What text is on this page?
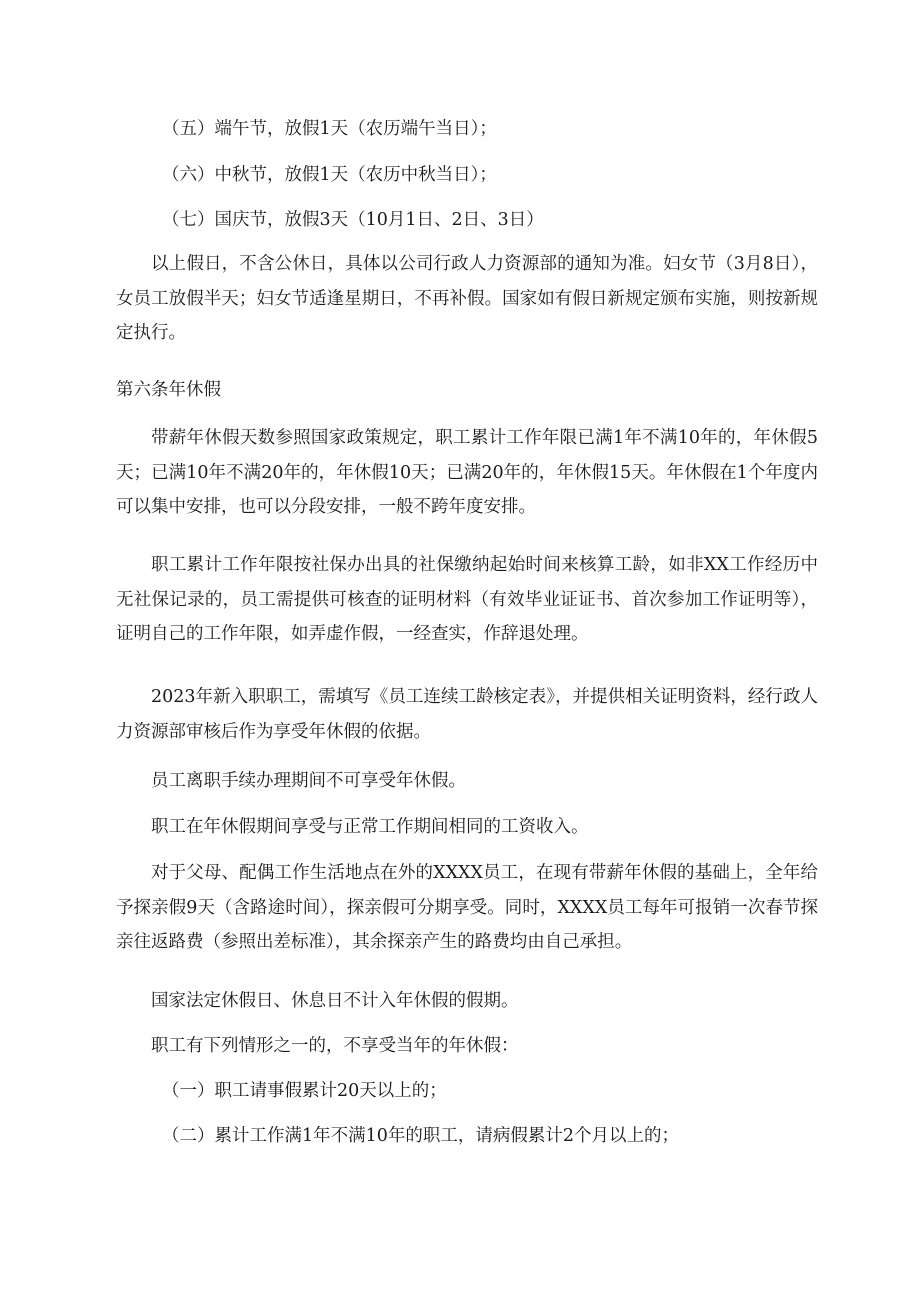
（五）端午节，放假1天（农历端午当日）；
（六）中秋节，放假1天（农历中秋当日）；
（七）国庆节，放假3天（10月1日、2日、3日）

以上假日，不含公休日，具体以公司行政人力资源部的通知为准。妇女节（3月8日），女员工放假半天；妇女节适逢星期日，不再补假。国家如有假日新规定颁布实施，则按新规定执行。

第六条年休假

带薪年休假天数参照国家政策规定，职工累计工作年限已满1年不满10年的，年休假5天；已满10年不满20年的，年休假10天；已满20年的，年休假15天。年休假在1个年度内可以集中安排，也可以分段安排，一般不跨年度安排。

职工累计工作年限按社保办出具的社保缴纳起始时间来核算工龄，如非XX工作经历中无社保记录的，员工需提供可核查的证明材料（有效毕业证证书、首次参加工作证明等），证明自己的工作年限，如弄虚作假，一经查实，作辞退处理。

2023年新入职职工，需填写《员工连续工龄核定表》，并提供相关证明资料，经行政人力资源部审核后作为享受年休假的依据。

员工离职手续办理期间不可享受年休假。

职工在年休假期间享受与正常工作期间相同的工资收入。

对于父母、配偶工作生活地点在外的XXXX员工，在现有带薪年休假的基础上，全年给予探亲假9天（含路途时间），探亲假可分期享受。同时，XXXX员工每年可报销一次春节探亲往返路费（参照出差标准），其余探亲产生的路费均由自己承担。

国家法定休假日、休息日不计入年休假的假期。

职工有下列情形之一的，不享受当年的年休假：

（一）职工请事假累计20天以上的；
（二）累计工作满1年不满10年的职工，请病假累计2个月以上的；
